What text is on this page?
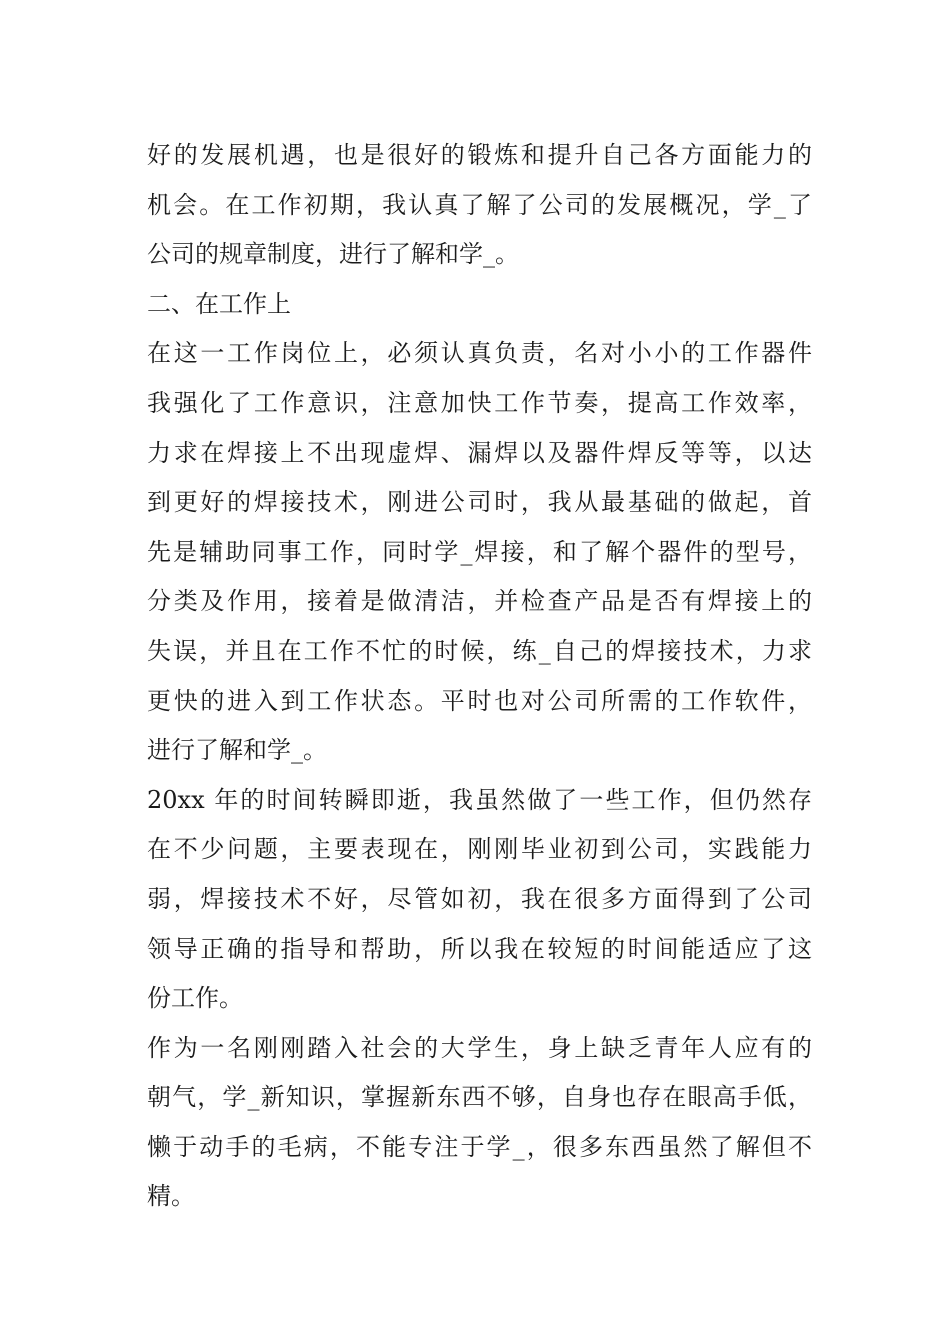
好的发展机遇，也是很好的锻炼和提升自己各方面能力的
机会。在工作初期，我认真了解了公司的发展概况，学_了
公司的规章制度，进行了解和学_。
二、在工作上
在这一工作岗位上，必须认真负责，名对小小的工作器件
我强化了工作意识，注意加快工作节奏，提高工作效率，
力求在焊接上不出现虚焊、漏焊以及器件焊反等等，以达
到更好的焊接技术，刚进公司时，我从最基础的做起，首
先是辅助同事工作，同时学_焊接，和了解个器件的型号，
分类及作用，接着是做清洁，并检查产品是否有焊接上的
失误，并且在工作不忙的时候，练_自己的焊接技术，力求
更快的进入到工作状态。平时也对公司所需的工作软件，
进行了解和学_。
20xx 年的时间转瞬即逝，我虽然做了一些工作，但仍然存
在不少问题，主要表现在，刚刚毕业初到公司，实践能力
弱，焊接技术不好，尽管如初，我在很多方面得到了公司
领导正确的指导和帮助，所以我在较短的时间能适应了这
份工作。
作为一名刚刚踏入社会的大学生，身上缺乏青年人应有的
朝气，学_新知识，掌握新东西不够，自身也存在眼高手低，
懒于动手的毛病，不能专注于学_，很多东西虽然了解但不
精。
